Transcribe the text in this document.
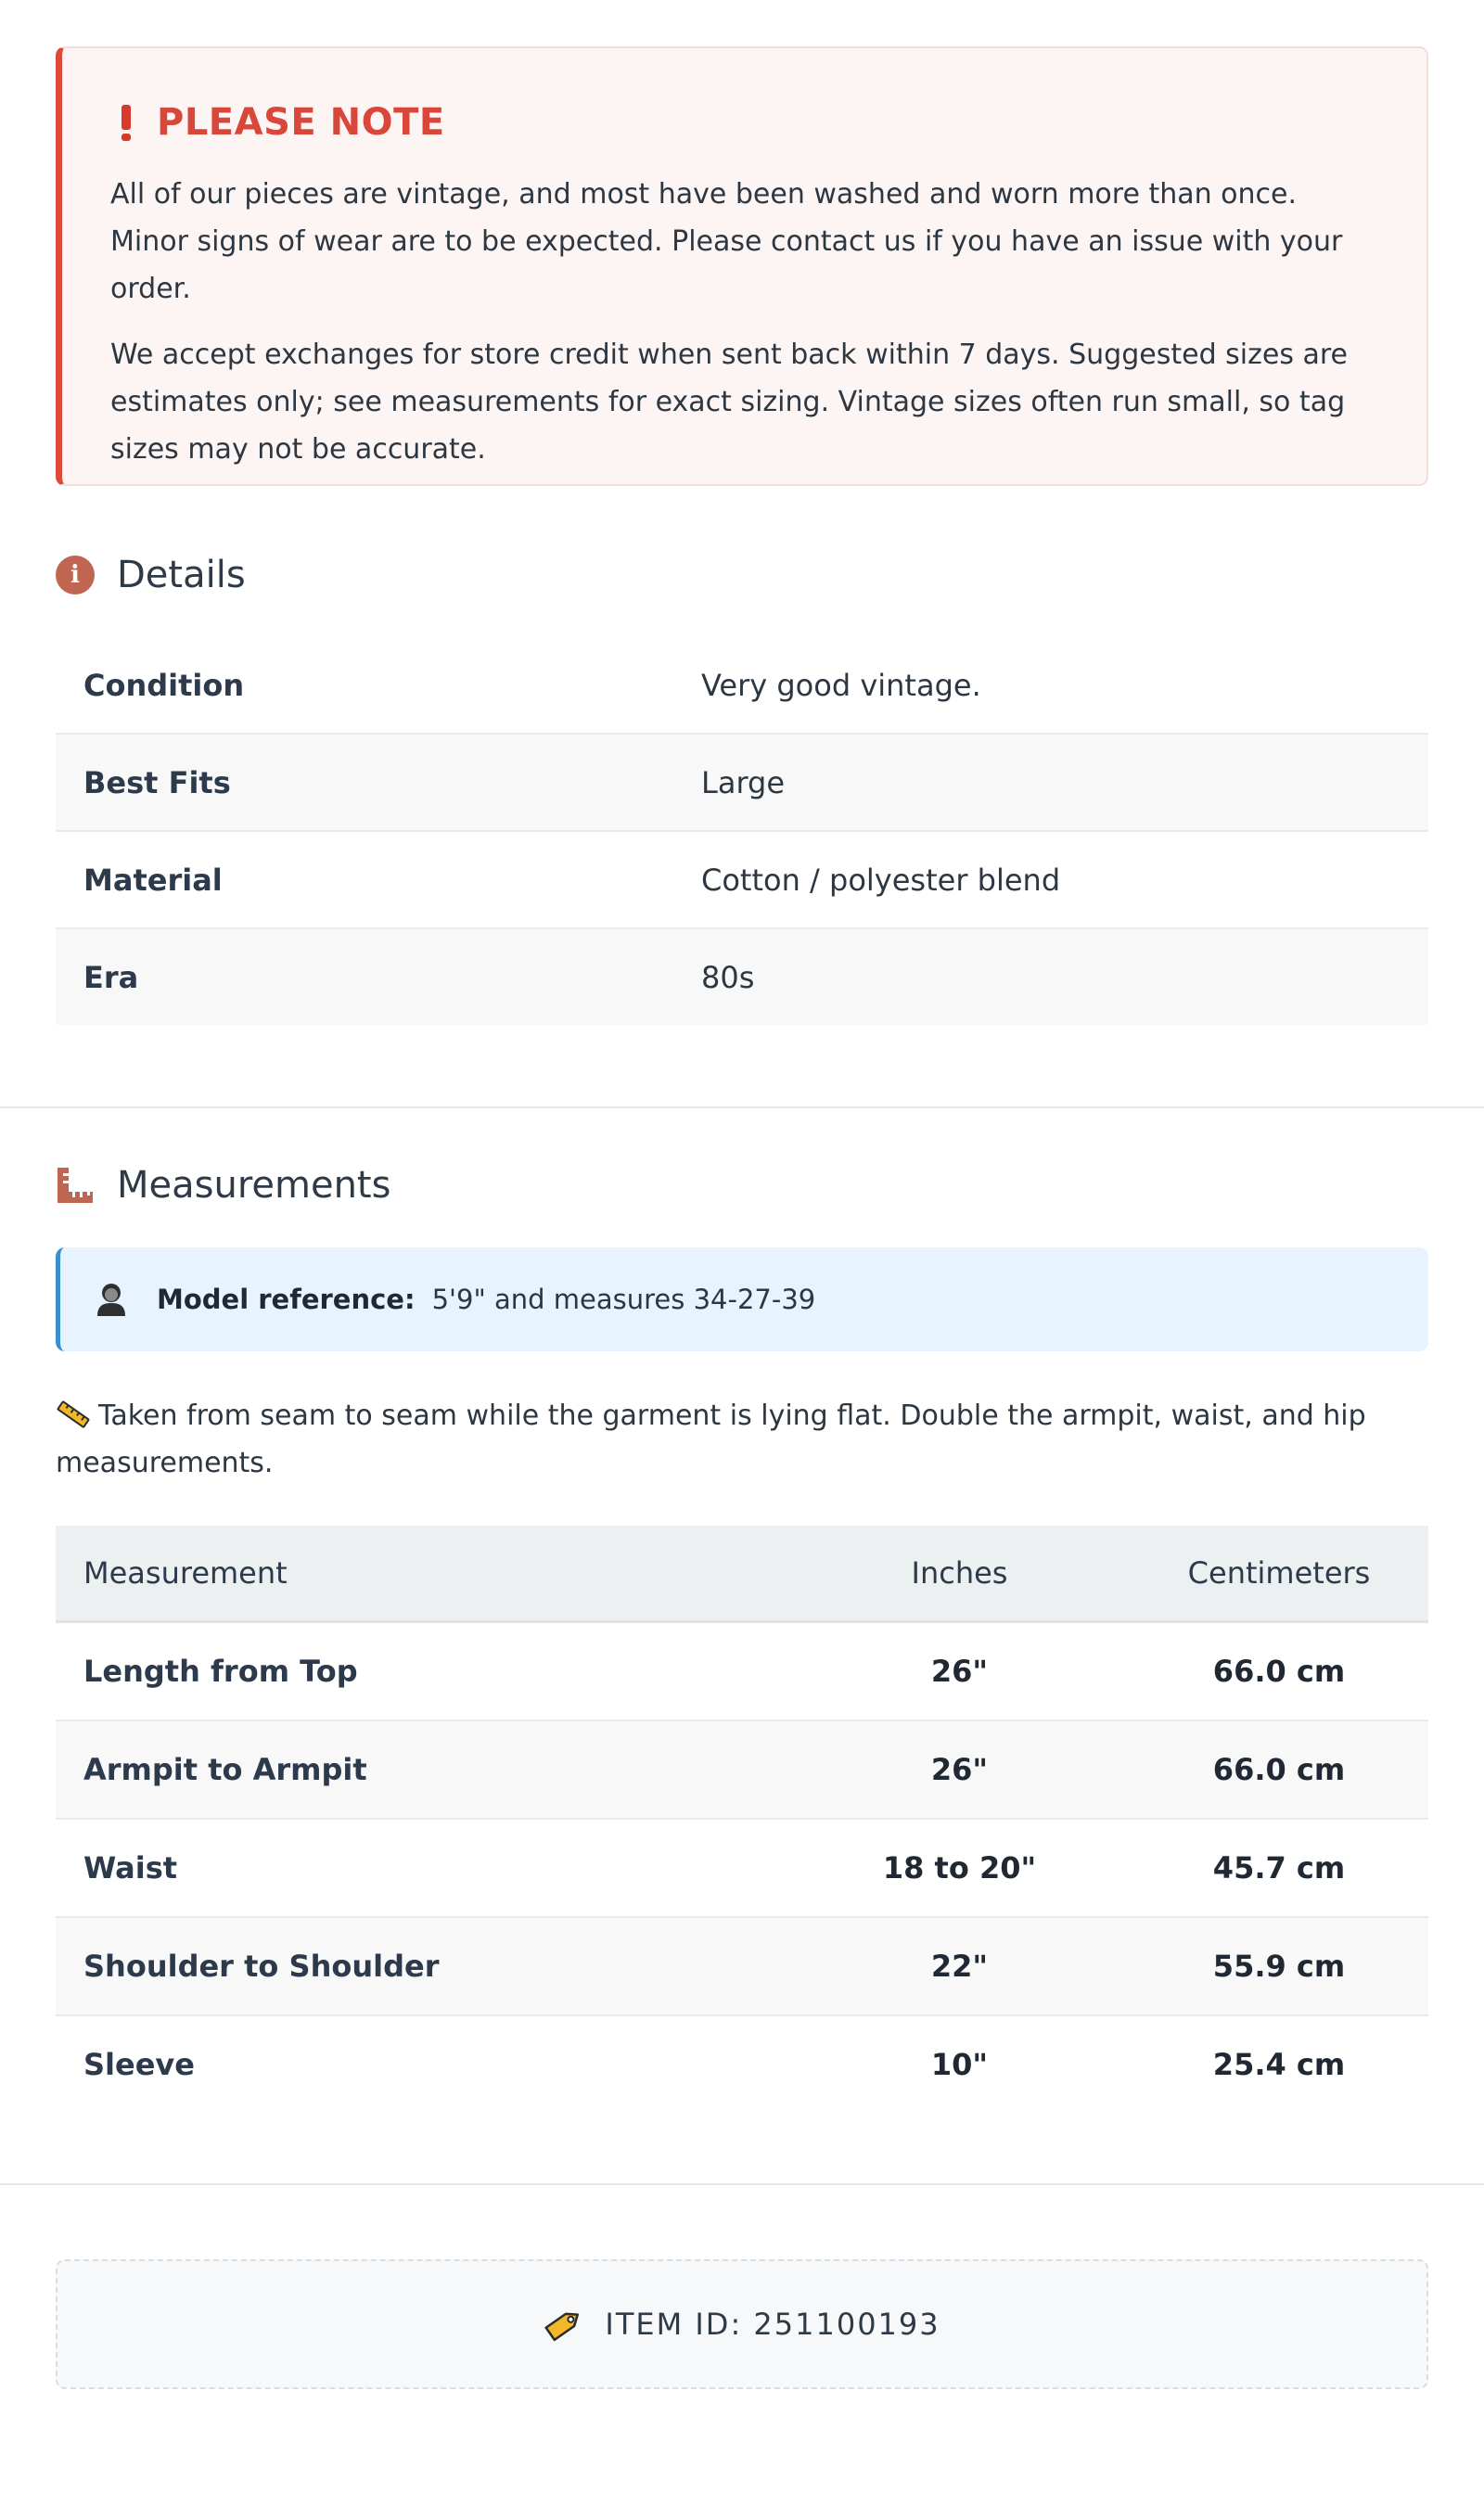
PLEASE NOTE

All of our pieces are vintage, and most have been washed and worn more than once. Minor signs of wear are to be expected. Please contact us if you have an issue with your order.

We accept exchanges for store credit when sent back within 7 days. Suggested sizes are estimates only; see measurements for exact sizing. Vintage sizes often run small, so tag sizes may not be accurate.

i	Details
Condition	Very good vintage.
Best Fits	Large
Material	Cotton / polyester blend
Era	80s
Measurements
Model reference: 5'9" and measures 34-27-39
Taken from seam to seam while the garment is lying flat. Double the armpit, waist, and hip measurements.
Measurement	Inches	Centimeters
Length from Top	26"	66.0 cm
Armpit to Armpit	26"	66.0 cm
Waist	18 to 20"	45.7 cm
Shoulder to Shoulder	22"	55.9 cm
Sleeve	10"	25.4 cm
ITEM ID: 251100193
